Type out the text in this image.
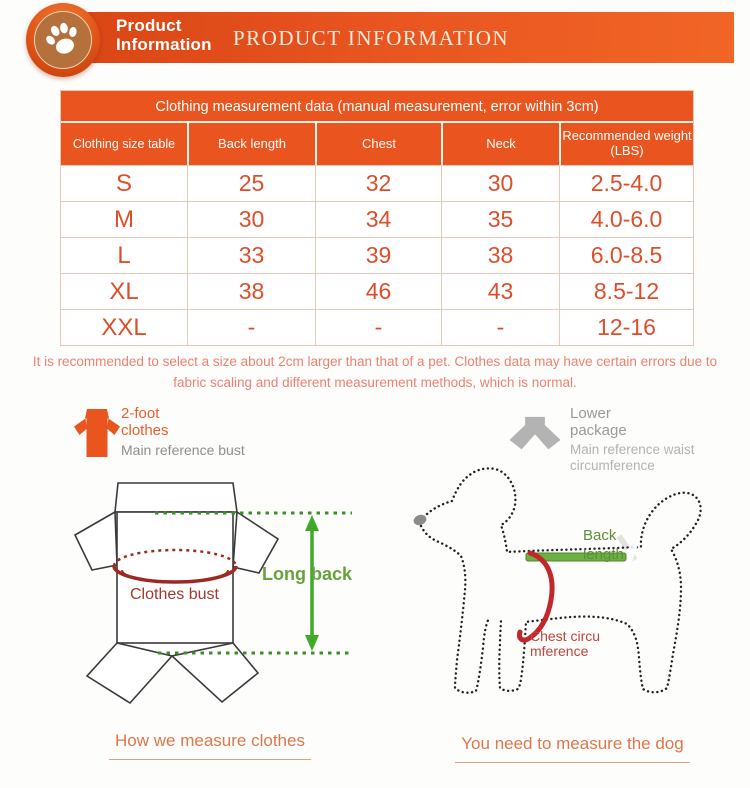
Product
Information PRODUCT INFORMATION
Clothing measurement data (manual measurement, error within 3cm)
Clothing size table	Back length	Chest	Neck	Recommended weight
(LBS)
S	25	32	30	2.5-4.0
M	30	34	35	4.0-6.0
L	33	39	38	6.0-8.5
XL	38	46	43	8.5-12
XXL	-	-	-	12-16
It is recommended to select a size about 2cm larger than that of a pet. Clothes data may have certain errors due to fabric scaling and different measurement methods, which is normal.
2-foot clothes
Main reference bust
Lower package
Main reference waist circumference
Clothes bust
Long back
Back length
Chest circumference
How we measure clothes	You need to measure the dog
